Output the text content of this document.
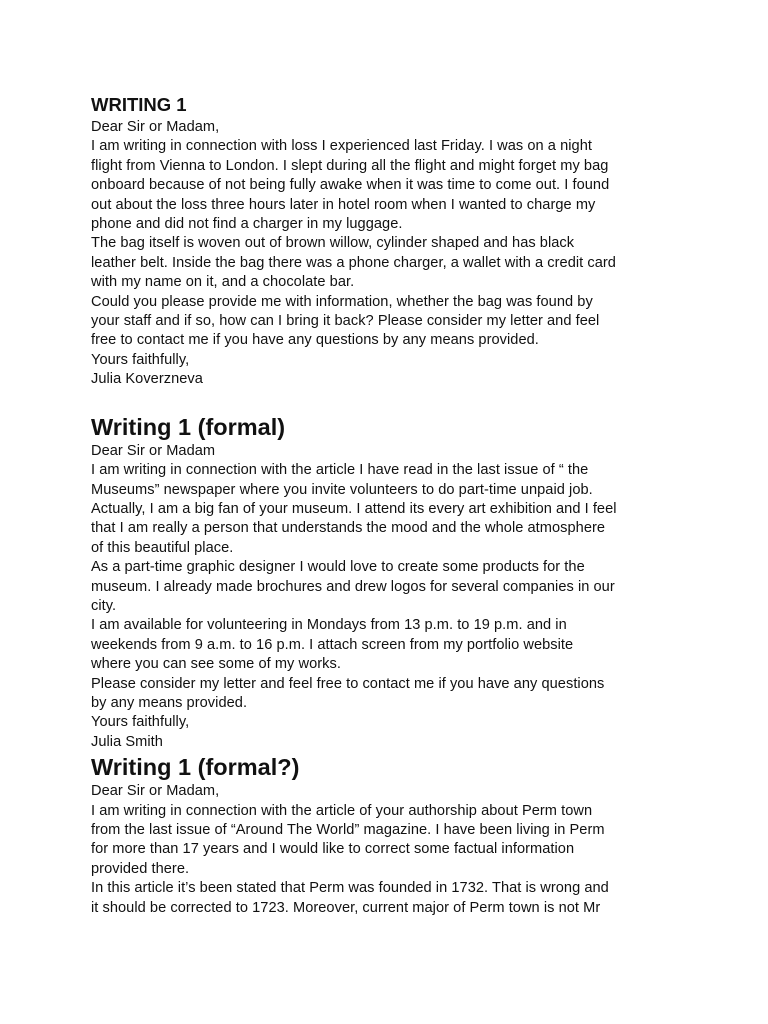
WRITING 1
Dear Sir or Madam,
I am writing in connection with loss I experienced last Friday. I was on a night
flight from Vienna to London. I slept during all the flight and might forget my bag
onboard because of not being fully awake when it was time to come out. I found
out about the loss three hours later in hotel room when I wanted to charge my
phone and did not find a charger in my luggage.
The bag itself is woven out of brown willow, cylinder shaped and has black
leather belt. Inside the bag there was a phone charger, a wallet with a credit card
with my name on it, and a chocolate bar.
Could you please provide me with information, whether the bag was found by
your staff and if so, how can I bring it back? Please consider my letter and feel
free to contact me if you have any questions by any means provided.
Yours faithfully,
Julia Koverzneva
Writing 1 (formal)
Dear Sir or Madam
I am writing in connection with the article I have read in the last issue of “ the
Museums” newspaper where you invite volunteers to do part-time unpaid job.
Actually, I am a big fan of your museum. I attend its every art exhibition and I feel
that I am really a person that understands the mood and the whole atmosphere
of this beautiful place.
As a part-time graphic designer I would love to create some products for the
museum. I already made brochures and drew logos for several companies in our
city.
I am available for volunteering in Mondays from 13 p.m. to 19 p.m. and in
weekends from 9 a.m. to 16 p.m. I attach screen from my portfolio website
where you can see some of my works.
Please consider my letter and feel free to contact me if you have any questions
by any means provided.
Yours faithfully,
Julia Smith
Writing 1 (formal?)
Dear Sir or Madam,
I am writing in connection with the article of your authorship about Perm town
from the last issue of “Around The World” magazine. I have been living in Perm
for more than 17 years and I would like to correct some factual information
provided there.
In this article it’s been stated that Perm was founded in 1732. That is wrong and
it should be corrected to 1723. Moreover, current major of Perm town is not Mr
